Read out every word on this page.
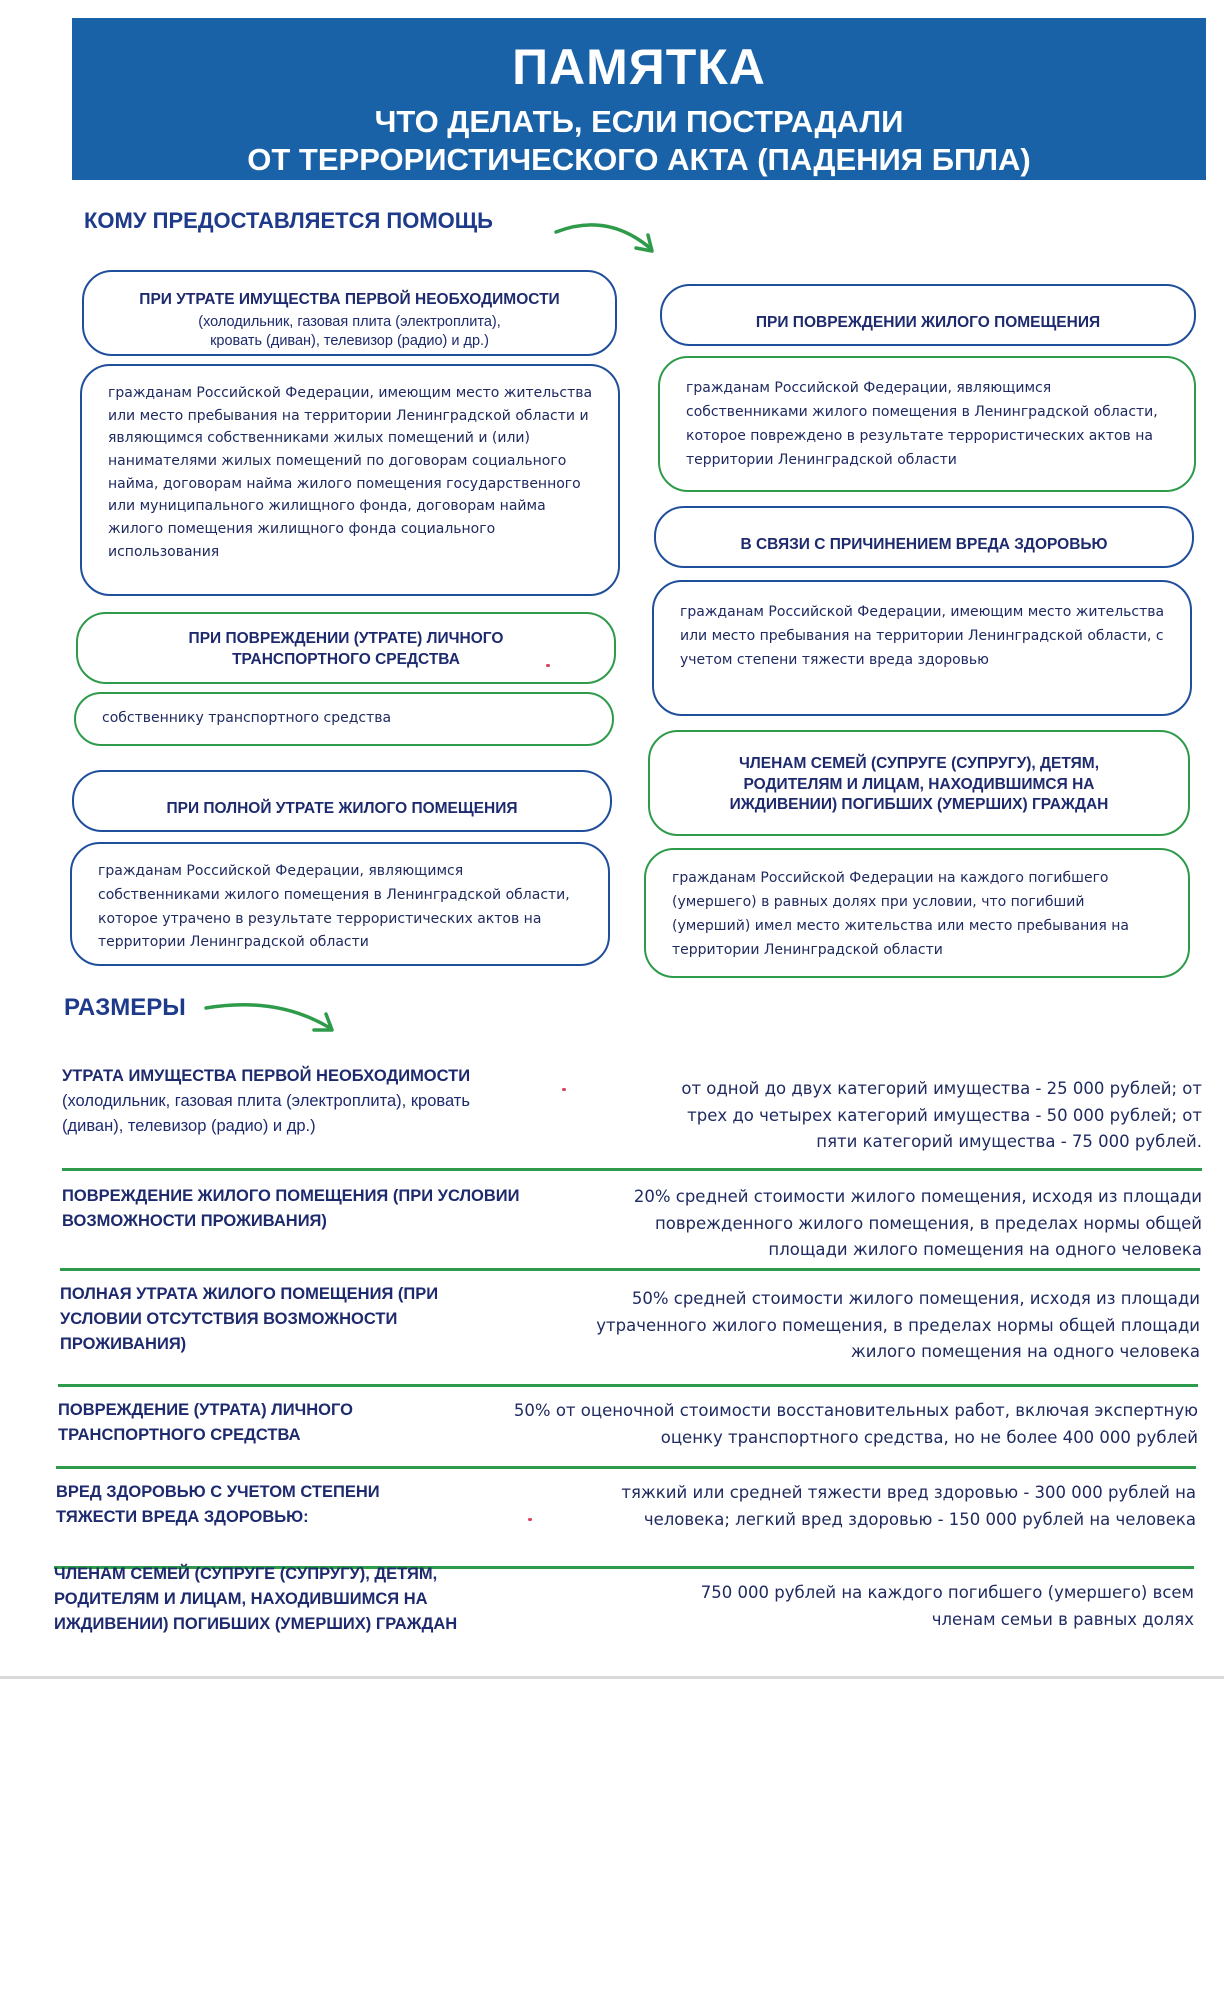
ПАМЯТКА
ЧТО ДЕЛАТЬ, ЕСЛИ ПОСТРАДАЛИ
ОТ ТЕРРОРИСТИЧЕСКОГО АКТА (ПАДЕНИЯ БПЛА)
КОМУ ПРЕДОСТАВЛЯЕТСЯ ПОМОЩЬ
ПРИ УТРАТЕ ИМУЩЕСТВА ПЕРВОЙ НЕОБХОДИМОСТИ
(холодильник, газовая плита (электроплита),
кровать (диван), телевизор (радио) и др.)
гражданам Российской Федерации, имеющим место жительства или место пребывания на территории Ленинградской области и являющимся собственниками жилых помещений и (или) нанимателями жилых помещений по договорам социального найма, договорам найма жилого помещения государственного или муниципального жилищного фонда, договорам найма жилого помещения жилищного фонда социального использования
ПРИ ПОВРЕЖДЕНИИ (УТРАТЕ) ЛИЧНОГО ТРАНСПОРТНОГО СРЕДСТВА
собственнику транспортного средства
ПРИ ПОЛНОЙ УТРАТЕ ЖИЛОГО ПОМЕЩЕНИЯ
гражданам Российской Федерации, являющимся собственниками жилого помещения в Ленинградской области, которое утрачено в результате террористических актов на территории Ленинградской области
ПРИ ПОВРЕЖДЕНИИ ЖИЛОГО ПОМЕЩЕНИЯ
гражданам Российской Федерации, являющимся собственниками жилого помещения в Ленинградской области, которое повреждено в результате террористических актов на территории Ленинградской области
В СВЯЗИ С ПРИЧИНЕНИЕМ ВРЕДА ЗДОРОВЬЮ
гражданам Российской Федерации, имеющим место жительства или место пребывания на территории Ленинградской области, с учетом степени тяжести вреда здоровью
ЧЛЕНАМ СЕМЕЙ (СУПРУГЕ (СУПРУГУ), ДЕТЯМ, РОДИТЕЛЯМ И ЛИЦАМ, НАХОДИВШИМСЯ НА ИЖДИВЕНИИ) ПОГИБШИХ (УМЕРШИХ) ГРАЖДАН
гражданам Российской Федерации на каждого погибшего (умершего) в равных долях при условии, что погибший (умерший) имел место жительства или место пребывания на территории Ленинградской области
РАЗМЕРЫ
УТРАТА ИМУЩЕСТВА ПЕРВОЙ НЕОБХОДИМОСТИ
(холодильник, газовая плита (электроплита), кровать (диван), телевизор (радио) и др.)
от одной до двух категорий имущества - 25 000 рублей; от трех до четырех категорий имущества - 50 000 рублей; от пяти категорий имущества - 75 000 рублей.
ПОВРЕЖДЕНИЕ ЖИЛОГО ПОМЕЩЕНИЯ (ПРИ УСЛОВИИ ВОЗМОЖНОСТИ ПРОЖИВАНИЯ)
20% средней стоимости жилого помещения, исходя из площади поврежденного жилого помещения, в пределах нормы общей площади жилого помещения на одного человека
ПОЛНАЯ УТРАТА ЖИЛОГО ПОМЕЩЕНИЯ (ПРИ УСЛОВИИ ОТСУТСТВИЯ ВОЗМОЖНОСТИ ПРОЖИВАНИЯ)
50% средней стоимости жилого помещения, исходя из площади утраченного жилого помещения, в пределах нормы общей площади жилого помещения на одного человека
ПОВРЕЖДЕНИЕ (УТРАТА) ЛИЧНОГО ТРАНСПОРТНОГО СРЕДСТВА
50% от оценочной стоимости восстановительных работ, включая экспертную оценку транспортного средства, но не более 400 000 рублей
ВРЕД ЗДОРОВЬЮ С УЧЕТОМ СТЕПЕНИ ТЯЖЕСТИ ВРЕДА ЗДОРОВЬЮ:
тяжкий или средней тяжести вред здоровью - 300 000 рублей на человека; легкий вред здоровью - 150 000 рублей на человека
ЧЛЕНАМ СЕМЕЙ (СУПРУГЕ (СУПРУГУ), ДЕТЯМ, РОДИТЕЛЯМ И ЛИЦАМ, НАХОДИВШИМСЯ НА ИЖДИВЕНИИ) ПОГИБШИХ (УМЕРШИХ) ГРАЖДАН
750 000 рублей на каждого погибшего (умершего) всем членам семьи в равных долях
